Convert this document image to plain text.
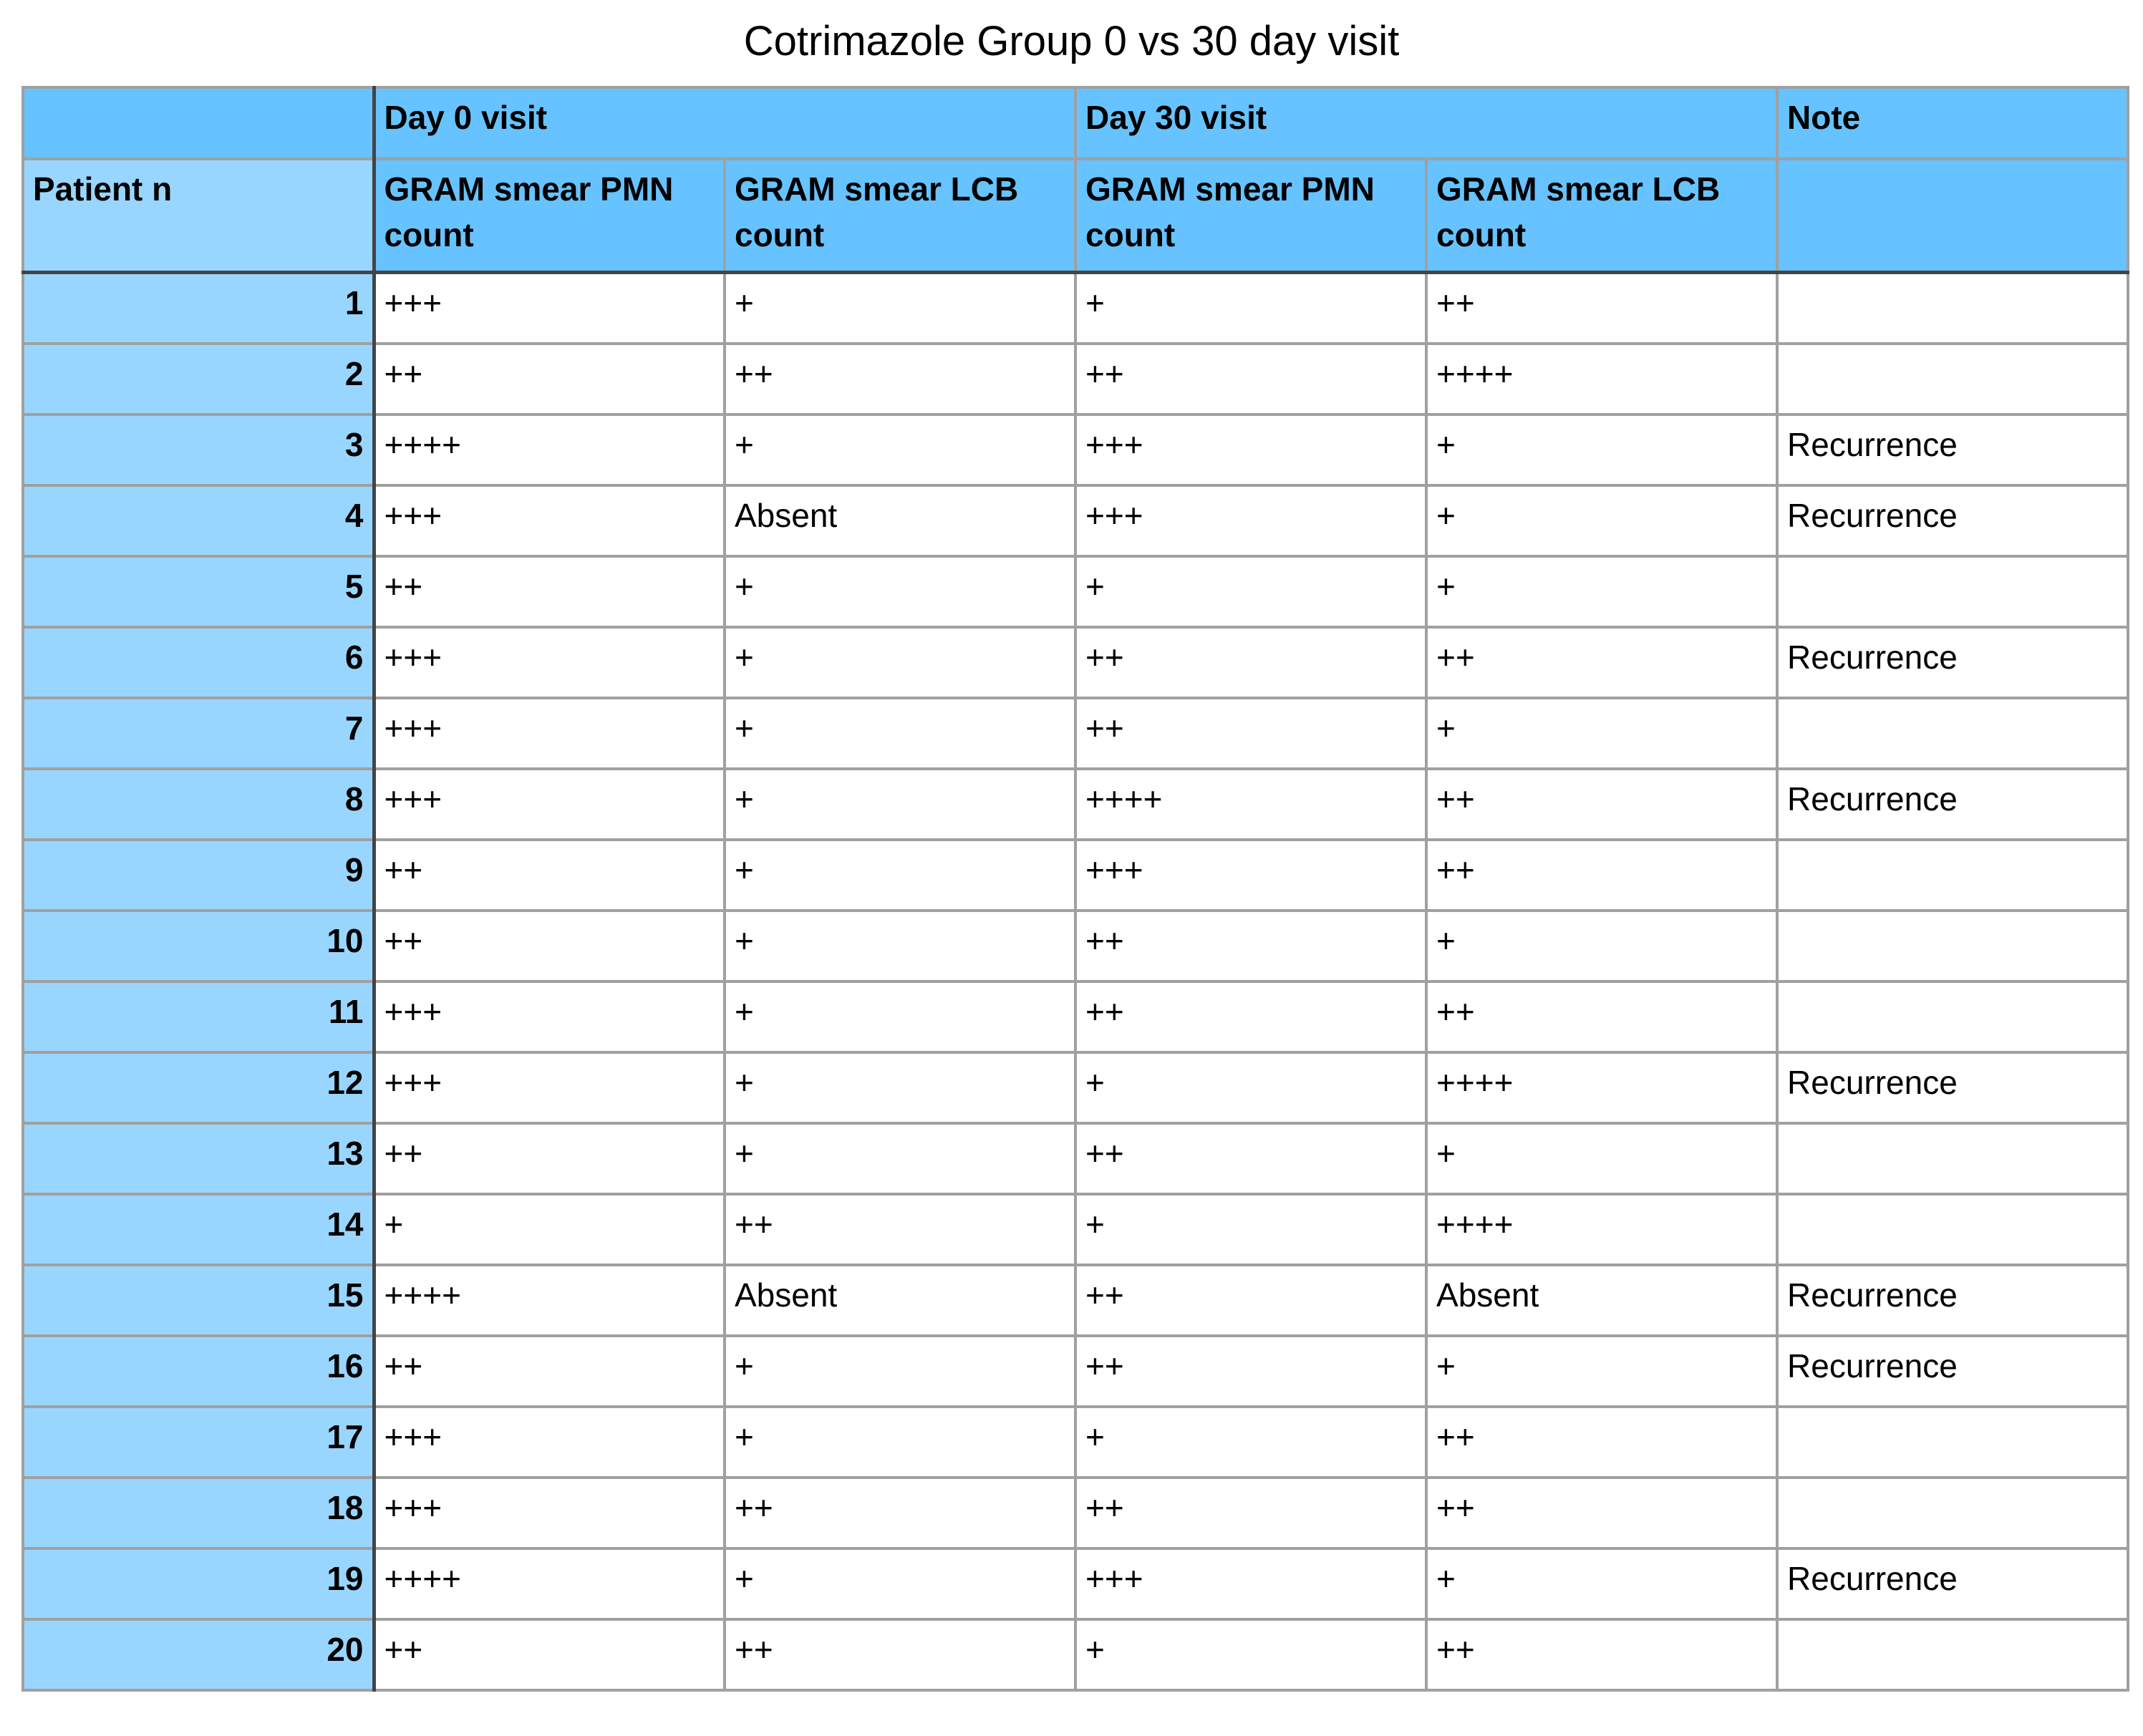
Cotrimazole Group 0 vs 30 day visit

	Day 0 visit		Day 30 visit		Note

Patient n	GRAM smear PMN count	GRAM smear LCB count	GRAM smear PMN count	GRAM smear LCB count	

1	+++	+	+	++	

2	++	++	++	++++	

3	++++	+	+++	+	Recurrence

4	+++	Absent	+++	+	Recurrence

5	++	+	+	+	

6	+++	+	++	++	Recurrence

7	+++	+	++	+	

8	+++	+	++++	++	Recurrence

9	++	+	+++	++	

10	++	+	++	+	

11	+++	+	++	++	

12	+++	+	+	++++	Recurrence

13	++	+	++	+	

14	+	++	+	++++	

15	++++	Absent	++	Absent	Recurrence

16	++	+	++	+	Recurrence

17	+++	+	+	++	

18	+++	++	++	++	

19	++++	+	+++	+	Recurrence

20	++	++	+	++	
